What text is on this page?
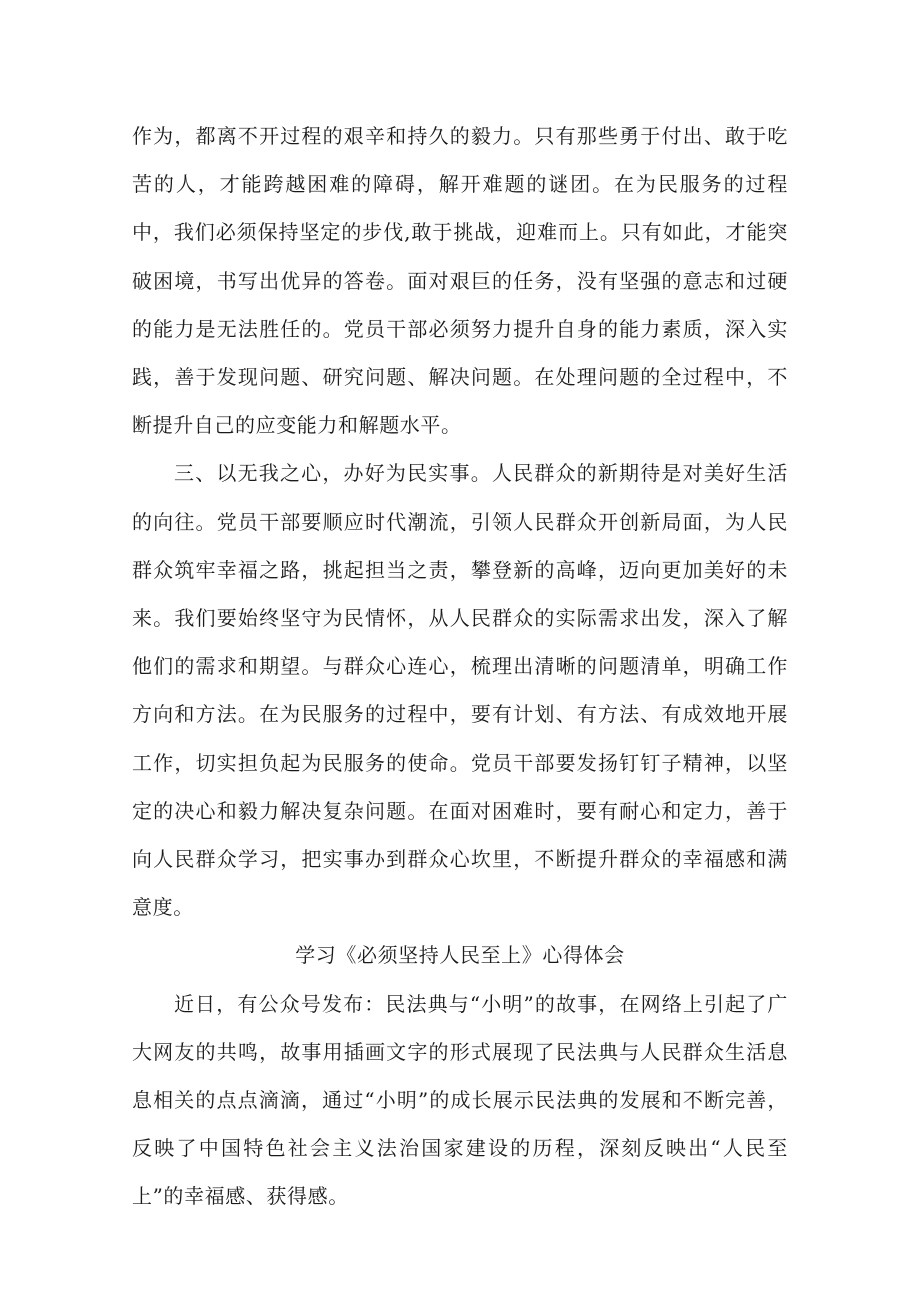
作为，都离不开过程的艰辛和持久的毅力。只有那些勇于付出、敢于吃苦的人，才能跨越困难的障碍，解开难题的谜团。在为民服务的过程中，我们必须保持坚定的步伐,敢于挑战，迎难而上。只有如此，才能突破困境，书写出优异的答卷。面对艰巨的任务，没有坚强的意志和过硬的能力是无法胜任的。党员干部必须努力提升自身的能力素质，深入实践，善于发现问题、研究问题、解决问题。在处理问题的全过程中，不断提升自己的应变能力和解题水平。

三、以无我之心，办好为民实事。人民群众的新期待是对美好生活的向往。党员干部要顺应时代潮流，引领人民群众开创新局面，为人民群众筑牢幸福之路，挑起担当之责，攀登新的高峰，迈向更加美好的未来。我们要始终坚守为民情怀，从人民群众的实际需求出发，深入了解他们的需求和期望。与群众心连心，梳理出清晰的问题清单，明确工作方向和方法。在为民服务的过程中，要有计划、有方法、有成效地开展工作，切实担负起为民服务的使命。党员干部要发扬钉钉子精神，以坚定的决心和毅力解决复杂问题。在面对困难时，要有耐心和定力，善于向人民群众学习，把实事办到群众心坎里，不断提升群众的幸福感和满意度。

学习《必须坚持人民至上》心得体会

近日，有公众号发布：民法典与“小明”的故事，在网络上引起了广大网友的共鸣，故事用插画文字的形式展现了民法典与人民群众生活息息相关的点点滴滴，通过“小明”的成长展示民法典的发展和不断完善，反映了中国特色社会主义法治国家建设的历程，深刻反映出“人民至上”的幸福感、获得感。
